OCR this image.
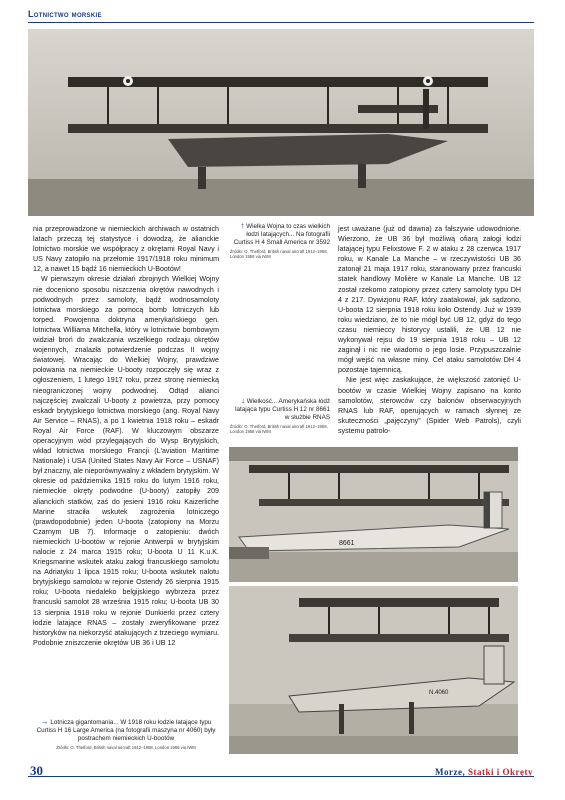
Lotnictwo morskie

nia przeprowadzone w niemieckich archiwach w ostatnich latach przeczą tej statystyce i dowodzą, że alianckie lotnictwo morskie we współpracy z okrętami Royal Navy i US Navy zatopiło na przełomie 1917/1918 roku minimum 12, a nawet 15 bądź 16 niemieckich U-Bootów!

W pierwszym okresie działań zbrojnych Wielkiej Wojny nie doceniono sposobu niszczenia okrętów nawodnych i podwodnych przez samoloty, bądź wodnosamoloty lotnictwa morskiego za pomocą bomb lotniczych lub torped. Powojenna doktryna amerykańskiego gen. lotnictwa Williama Mitchella, który w lotnictwie bombowym widział broń do zwalczania wszelkiego rodzaju okrętów wojennych, znalazła potwierdzenie podczas II wojny światowej. Wracając do Wielkiej Wojny, prawdziwe polowania na niemieckie U-booty rozpoczęły się wraz z ogłoszeniem, 1 lutego 1917 roku, przez stronę niemiecką nieograniczonej wojny podwodnej. Odtąd alianci najczęściej zwalczali U-booty z powietrza, przy pomocy eskadr brytyjskiego lotnictwa morskiego (ang. Royal Navy Air Service – RNAS), a po 1 kwietnia 1918 roku – eskadr Royal Air Force (RAF). W kluczowym obszarze operacyjnym wód przylegających do Wysp Brytyjskich, wkład lotnictwa morskiego Francji (L'aviation Maritime Nationale) i USA (United States Navy Air Force – USNAF) był znaczny, ale nieporównywalny z wkładem brytyjskim. W okresie od października 1915 roku do lutym 1916 roku, niemieckie okręty podwodne (U-booty) zatopiły 209 alianckich statków, zaś do jesieni 1916 roku Kaizerliche Marine straciła wskutek zagrożenia lotniczego (prawdopodobnie) jeden U-boota (zatopiony na Morzu Czarnym UB 7). Informacje o zatopieniu: dwóch niemieckich U-bootów w rejonie Antwerpii w brytyjskim nalocie z 24 marca 1915 roku; U-boota U 11 K.u.K. Kriegsmarine wskutek ataku załogi francuskiego samolotu na Adriatyku 1 lipca 1915 roku; U-boota wskutek nalotu brytyjskiego samolotu w rejonie Ostendy 26 sierpnia 1915 roku; U-boota niedaleko belgijskiego wybrzeża przez francuski samolot 28 września 1915 roku; U-boota UB 30 13 sierpnia 1918 roku w rejonie Dunkierki przez cztery łodzie latające RNAS – zostały zweryfikowane przez historyków na niekorzyść atakujących z trzeciego wymiaru. Podobnie zniszczenie okrętów UB 36 i UB 12

↑ Wielka Wojna to czas wielkich łodzi latających... Na fotografii Curtiss H 4 Small America nr 3592
Źródło: O. Thetford, British naval aircraft 1912–1958, London 1958 via IWM
↓ Wielkość... Amerykańska łódź latająca typu Curtiss H 12 nr 8661 w służbie RNAS
Źródło: O. Thetford, British naval aircraft 1912–1958, London 1958 via IWM
8661
N.4060

jest uważane (już od dawna) za fałszywie udowodnione. Wierzono, że UB 36 był możliwą ofiarą załogi łodzi latającej typu Felixstowe F. 2 w ataku z 28 czerwca 1917 roku, w Kanale La Manche – w rzeczywistości UB 36 zatonął 21 maja 1917 roku, staranowany przez francuski statek handlowy Molière w Kanale La Manche. UB 12 został rzekomo zatopiony przez cztery samoloty typu DH 4 z 217. Dywizjonu RAF, który zaatakował, jak sądzono, U-boota 12 sierpnia 1918 roku koło Ostendy. Już w 1939 roku wiedziano, że to nie mógł być UB 12, gdyż do tego czasu niemieccy historycy ustalili, że UB 12 nie wykonywał rejsu do 19 sierpnia 1918 roku – UB 12 zaginął i nic nie wiadomo o jego losie. Przypuszczalnie mógł wejść na własne miny. Cel ataku samolotów DH 4 pozostaje tajemnicą.

Nie jest więc zaskakujące, że większość zatonięć U-bootów w czasie Wielkiej Wojny zapisano na konto samolotów, sterowców czy balonów obserwacyjnych RNAS lub RAF, operujących w ramach słynnej ze skuteczności „pajęczyny” (Spider Web Patrols), czyli systemu patrolo-

→ Lotnicza gigantomania... W 1918 roku łodzie latające typu Curtiss H 16 Large America (na fotografii maszyna nr 4060) były postrachem niemieckich U-bootów
Źródło: O. Thetford, British naval aircraft 1912–1958, London 1958 via IWM
30	Morze, Statki i Okręty
